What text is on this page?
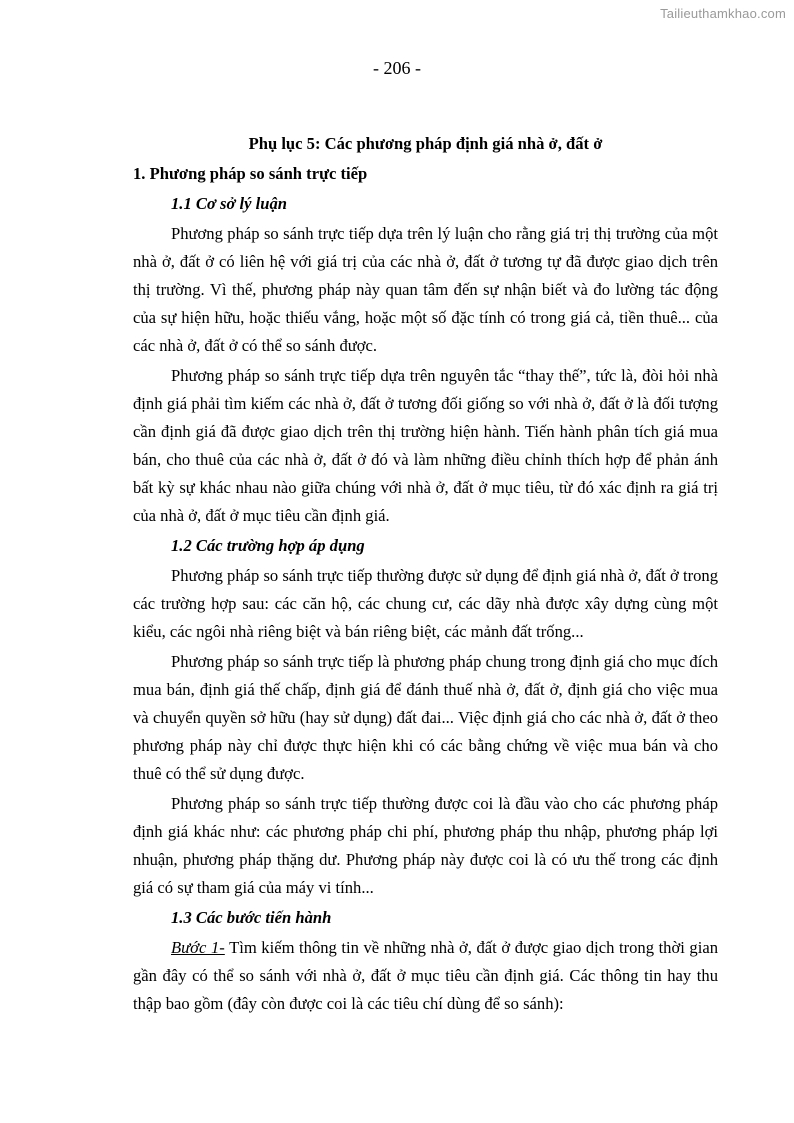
Tailieuthamkhao.com
- 206 -

Phụ lục 5: Các phương pháp định giá nhà ở, đất ở

1. Phương pháp so sánh trực tiếp

1.1 Cơ sở lý luận

Phương pháp so sánh trực tiếp dựa trên lý luận cho rằng giá trị thị trường của một nhà ở, đất ở có liên hệ với giá trị của các nhà ở, đất ở tương tự đã được giao dịch trên thị trường. Vì thế, phương pháp này quan tâm đến sự nhận biết và đo lường tác động của sự hiện hữu, hoặc thiếu vắng, hoặc một số đặc tính có trong giá cả, tiền thuê... của các nhà ở, đất ở có thể so sánh được.

Phương pháp so sánh trực tiếp dựa trên nguyên tắc “thay thế”, tức là, đòi hỏi nhà định giá phải tìm kiếm các nhà ở, đất ở tương đối giống so với nhà ở, đất ở là đối tượng cần định giá đã được giao dịch trên thị trường hiện hành. Tiến hành phân tích giá mua bán, cho thuê của các nhà ở, đất ở đó và làm những điều chỉnh thích hợp để phản ánh bất kỳ sự khác nhau nào giữa chúng với nhà ở, đất ở mục tiêu, từ đó xác định ra giá trị của nhà ở, đất ở mục tiêu cần định giá.

1.2 Các trường hợp áp dụng

Phương pháp so sánh trực tiếp thường được sử dụng để định giá nhà ở, đất ở trong các trường hợp sau: các căn hộ, các chung cư, các dãy nhà được xây dựng cùng một kiểu, các ngôi nhà riêng biệt và bán riêng biệt, các mảnh đất trống...

Phương pháp so sánh trực tiếp là phương pháp chung trong định giá cho mục đích mua bán, định giá thế chấp, định giá để đánh thuế nhà ở, đất ở, định giá cho việc mua và chuyển quyền sở hữu (hay sử dụng) đất đai... Việc định giá cho các nhà ở, đất ở theo phương pháp này chỉ được thực hiện khi có các bằng chứng về việc mua bán và cho thuê có thể sử dụng được.

Phương pháp so sánh trực tiếp thường được coi là đầu vào cho các phương pháp định giá khác như: các phương pháp chi phí, phương pháp thu nhập, phương pháp lợi nhuận, phương pháp thặng dư. Phương pháp này được coi là có ưu thế trong các định giá có sự tham giá của máy vi tính...

1.3 Các bước tiến hành

Bước 1- Tìm kiếm thông tin về những nhà ở, đất ở được giao dịch trong thời gian gần đây có thể so sánh với nhà ở, đất ở mục tiêu cần định giá. Các thông tin hay thu thập bao gồm (đây còn được coi là các tiêu chí dùng để so sánh):
